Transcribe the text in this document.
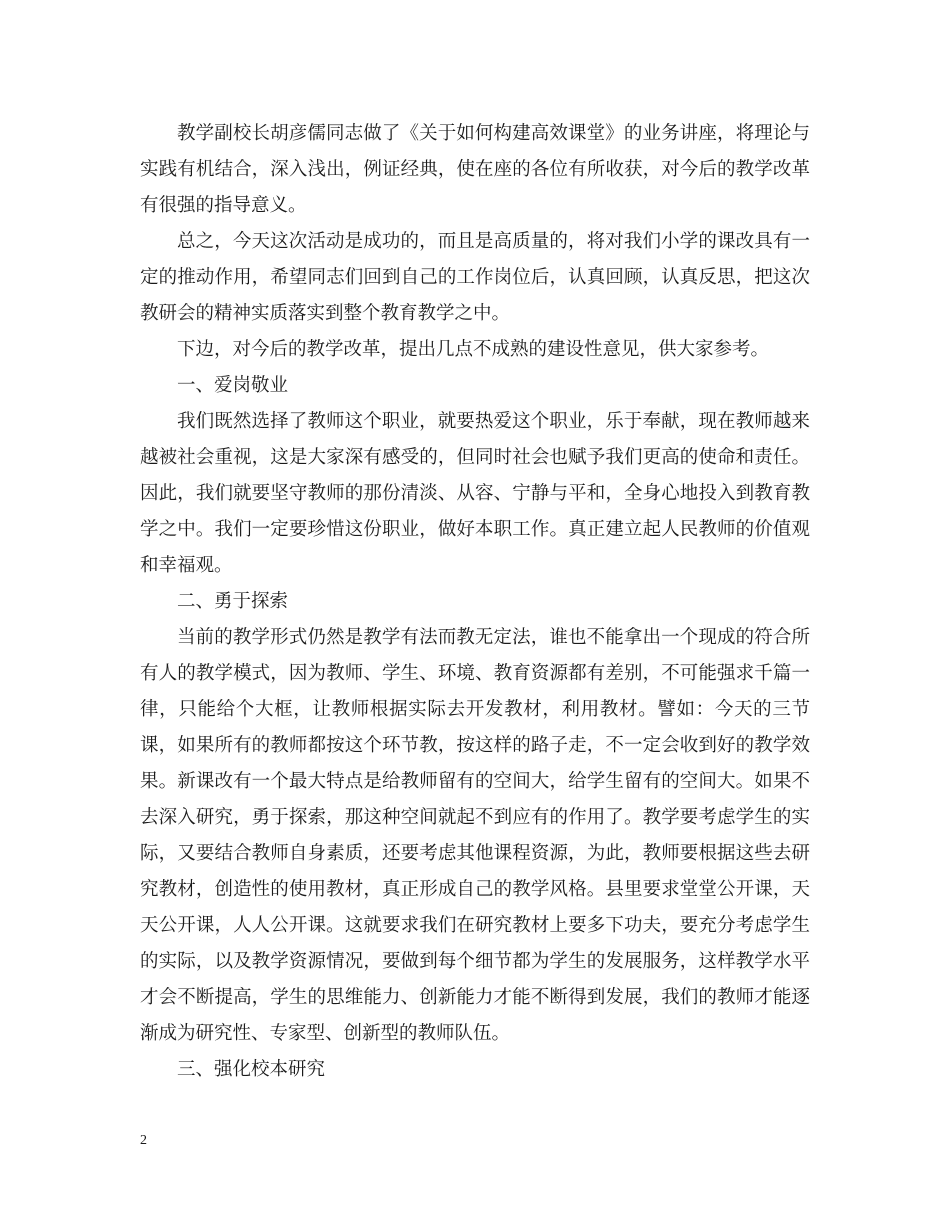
教学副校长胡彦儒同志做了《关于如何构建高效课堂》的业务讲座，将理论与实践有机结合，深入浅出，例证经典，使在座的各位有所收获，对今后的教学改革有很强的指导意义。

总之，今天这次活动是成功的，而且是高质量的，将对我们小学的课改具有一定的推动作用，希望同志们回到自己的工作岗位后，认真回顾，认真反思，把这次教研会的精神实质落实到整个教育教学之中。

下边，对今后的教学改革，提出几点不成熟的建设性意见，供大家参考。

一、爱岗敬业

我们既然选择了教师这个职业，就要热爱这个职业，乐于奉献，现在教师越来越被社会重视，这是大家深有感受的，但同时社会也赋予我们更高的使命和责任。因此，我们就要坚守教师的那份清淡、从容、宁静与平和，全身心地投入到教育教学之中。我们一定要珍惜这份职业，做好本职工作。真正建立起人民教师的价值观和幸福观。

二、勇于探索

当前的教学形式仍然是教学有法而教无定法，谁也不能拿出一个现成的符合所有人的教学模式，因为教师、学生、环境、教育资源都有差别，不可能强求千篇一律，只能给个大框，让教师根据实际去开发教材，利用教材。譬如：今天的三节课，如果所有的教师都按这个环节教，按这样的路子走，不一定会收到好的教学效果。新课改有一个最大特点是给教师留有的空间大，给学生留有的空间大。如果不去深入研究，勇于探索，那这种空间就起不到应有的作用了。教学要考虑学生的实际，又要结合教师自身素质，还要考虑其他课程资源，为此，教师要根据这些去研究教材，创造性的使用教材，真正形成自己的教学风格。县里要求堂堂公开课，天天公开课，人人公开课。这就要求我们在研究教材上要多下功夫，要充分考虑学生的实际，以及教学资源情况，要做到每个细节都为学生的发展服务，这样教学水平才会不断提高，学生的思维能力、创新能力才能不断得到发展，我们的教师才能逐渐成为研究性、专家型、创新型的教师队伍。

三、强化校本研究

2
